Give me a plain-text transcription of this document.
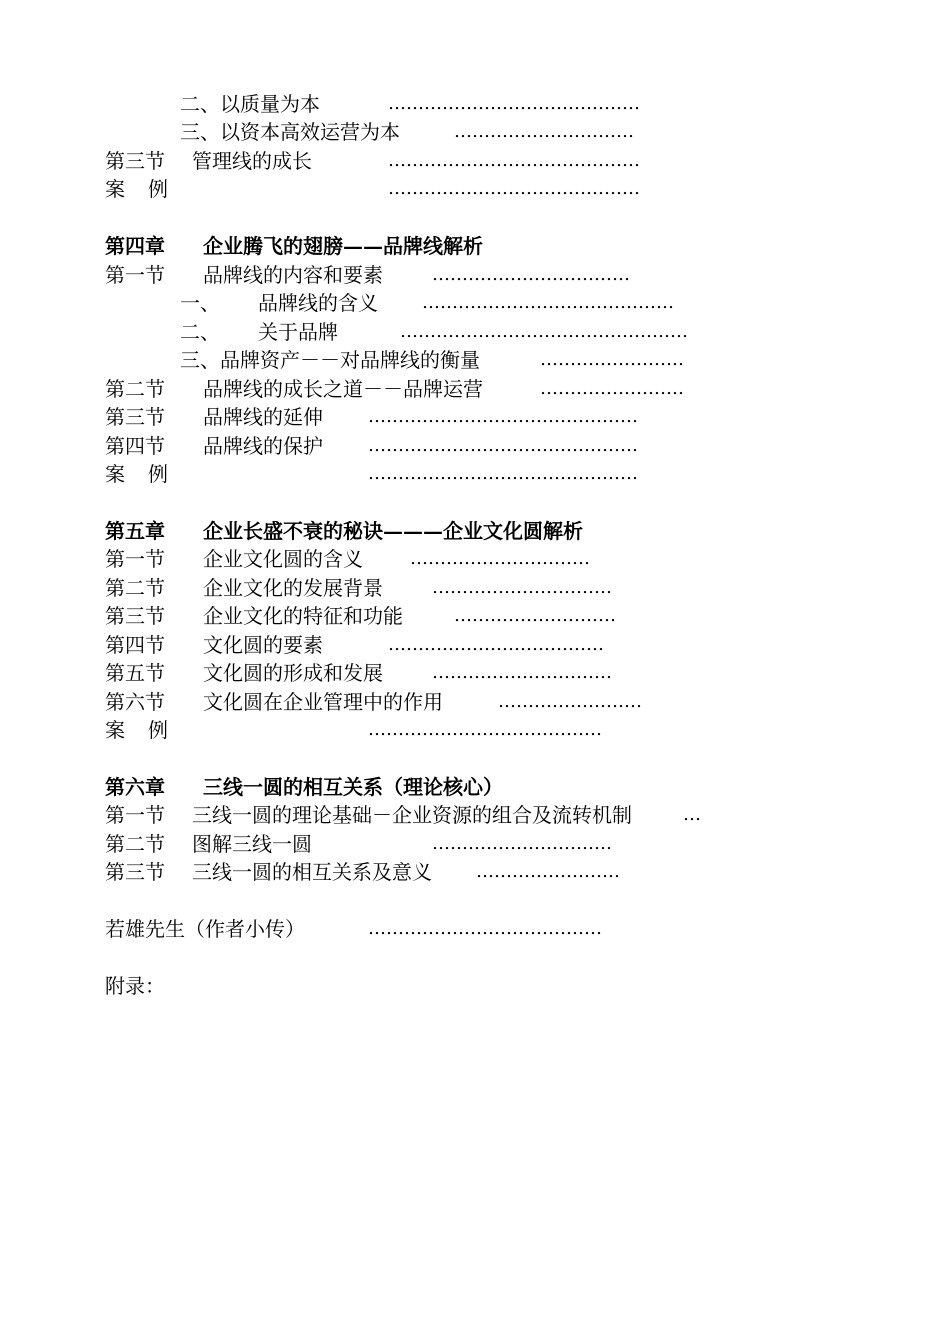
二、以质量为本	……………………………………
三、以资本高效运营为本	…………………………
第三节 管理线的成长	……………………………………
案 例	……………………………………
第四章 企业腾飞的翅膀——品牌线解析
第一节 品牌线的内容和要素	……………………………
一、 品牌线的含义 ……………………………………
二、 关于品牌	…………………………………………
三、品牌资产－－对品牌线的衡量	……………………
第二节 品牌线的成长之道－－品牌运营	……………………
第三节 品牌线的延伸	………………………………………
第四节 品牌线的保护	………………………………………
案 例	………………………………………
第五章 企业长盛不衰的秘诀———企业文化圆解析
第一节 企业文化圆的含义	…………………………
第二节 企业文化的发展背景	…………………………
第三节 企业文化的特征和功能	………………………
第四节 文化圆的要素	………………………………
第五节 文化圆的形成和发展	…………………………
第六节 文化圆在企业管理中的作用	……………………
案 例	…………………………………
第六章 三线一圆的相互关系（理论核心）
第一节 三线一圆的理论基础－企业资源的组合及流转机制	…
第二节 图解三线一圆	…………………………
第三节 三线一圆的相互关系及意义 ……………………
若雄先生（作者小传）	…………………………………
附录：
